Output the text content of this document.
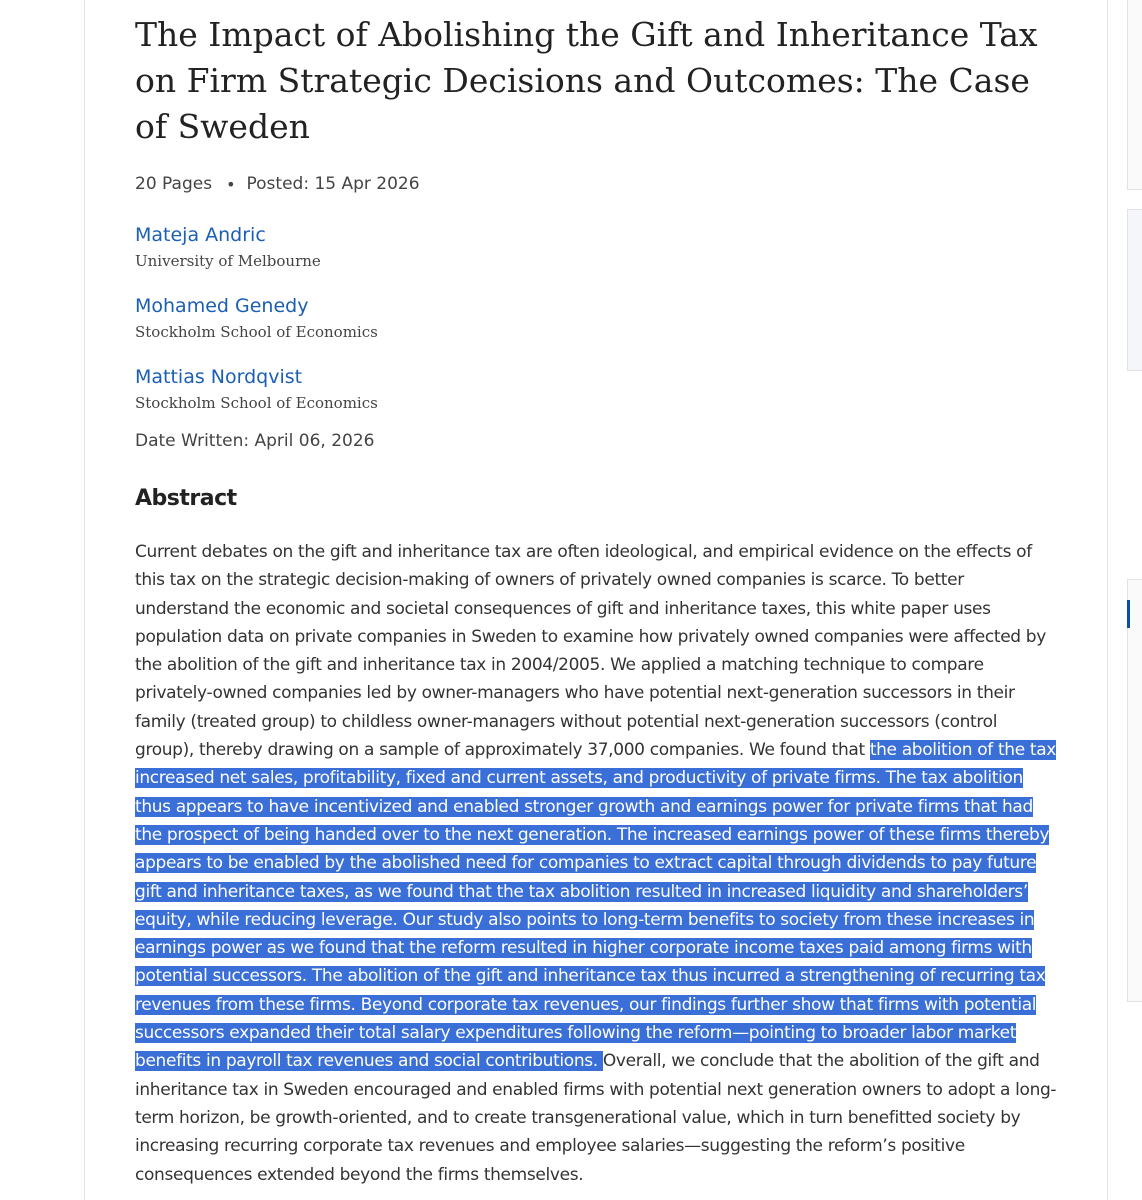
The Impact of Abolishing the Gift and Inheritance Tax on Firm Strategic Decisions and Outcomes: The Case of Sweden
20 Pages • Posted: 15 Apr 2026
Mateja Andric
University of Melbourne
Mohamed Genedy
Stockholm School of Economics
Mattias Nordqvist
Stockholm School of Economics
Date Written: April 06, 2026
Abstract
Current debates on the gift and inheritance tax are often ideological, and empirical evidence on the effects of this tax on the strategic decision-making of owners of privately owned companies is scarce. To better understand the economic and societal consequences of gift and inheritance taxes, this white paper uses population data on private companies in Sweden to examine how privately owned companies were affected by the abolition of the gift and inheritance tax in 2004/2005. We applied a matching technique to compare privately-owned companies led by owner-managers who have potential next-generation successors in their family (treated group) to childless owner-managers without potential next-generation successors (control group), thereby drawing on a sample of approximately 37,000 companies. We found that the abolition of the tax increased net sales, profitability, fixed and current assets, and productivity of private firms. The tax abolition thus appears to have incentivized and enabled stronger growth and earnings power for private firms that had the prospect of being handed over to the next generation. The increased earnings power of these firms thereby appears to be enabled by the abolished need for companies to extract capital through dividends to pay future gift and inheritance taxes, as we found that the tax abolition resulted in increased liquidity and shareholders’ equity, while reducing leverage. Our study also points to long-term benefits to society from these increases in earnings power as we found that the reform resulted in higher corporate income taxes paid among firms with potential successors. The abolition of the gift and inheritance tax thus incurred a strengthening of recurring tax revenues from these firms. Beyond corporate tax revenues, our findings further show that firms with potential successors expanded their total salary expenditures following the reform—pointing to broader labor market benefits in payroll tax revenues and social contributions. Overall, we conclude that the abolition of the gift and inheritance tax in Sweden encouraged and enabled firms with potential next generation owners to adopt a long-term horizon, be growth-oriented, and to create transgenerational value, which in turn benefitted society by increasing recurring corporate tax revenues and employee salaries—suggesting the reform’s positive consequences extended beyond the firms themselves.
